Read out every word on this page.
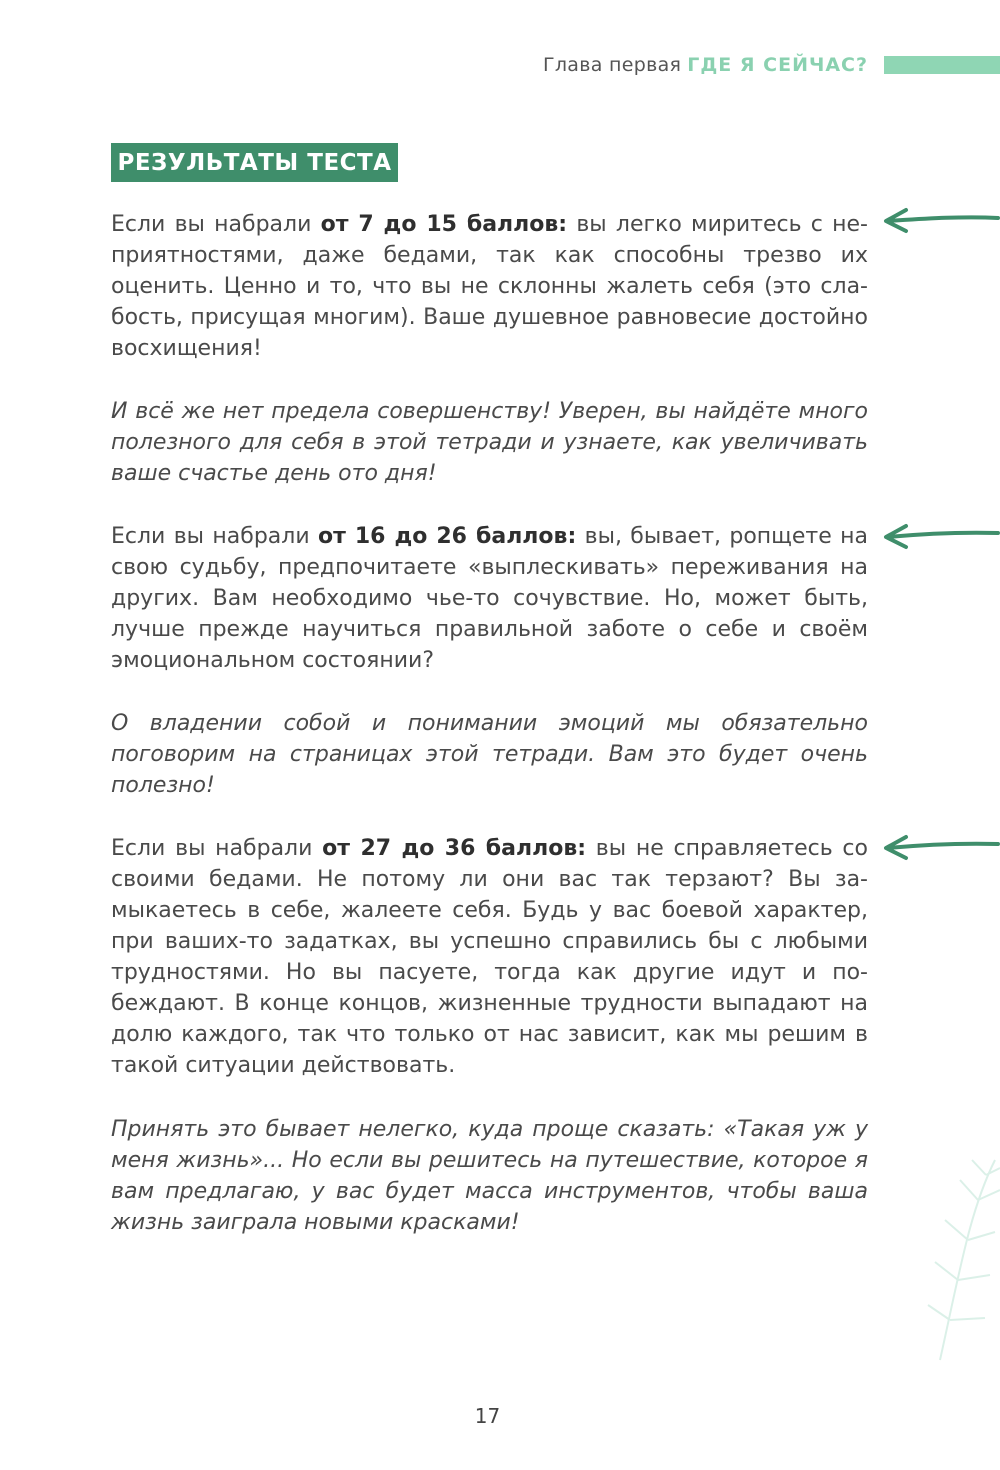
Глава первая ГДЕ Я СЕЙЧАС?
РЕЗУЛЬТАТЫ ТЕСТА
Если вы набрали от 7 до 15 баллов: вы легко миритесь с неприятностями, даже бедами, так как способны трезво их оценить. Ценно и то, что вы не склонны жалеть себя (это слабость, присущая многим). Ваше душевное равновесие достойно восхищения!
И всё же нет предела совершенству! Уверен, вы найдёте много полезного для себя в этой тетради и узнаете, как увеличивать ваше счастье день ото дня!
Если вы набрали от 16 до 26 баллов: вы, бывает, ропщете на свою судьбу, предпочитаете «выплескивать» переживания на других. Вам необходимо чье-то сочувствие. Но, может быть, лучше прежде научиться правильной заботе о себе и своём эмоциональном состоянии?
О владении собой и понимании эмоций мы обязательно поговорим на страницах этой тетради. Вам это будет очень полезно!
Если вы набрали от 27 до 36 баллов: вы не справляетесь со своими бедами. Не потому ли они вас так терзают? Вы замыкаетесь в себе, жалеете себя. Будь у вас боевой характер, при ваших-то задатках, вы успешно справились бы с любыми трудностями. Но вы пасуете, тогда как другие идут и побеждают. В конце концов, жизненные трудности выпадают на долю каждого, так что только от нас зависит, как мы решим в такой ситуации действовать.
Принять это бывает нелегко, куда проще сказать: «Такая уж у меня жизнь»... Но если вы решитесь на путешествие, которое я вам предлагаю, у вас будет масса инструментов, чтобы ваша жизнь заиграла новыми красками!
17
